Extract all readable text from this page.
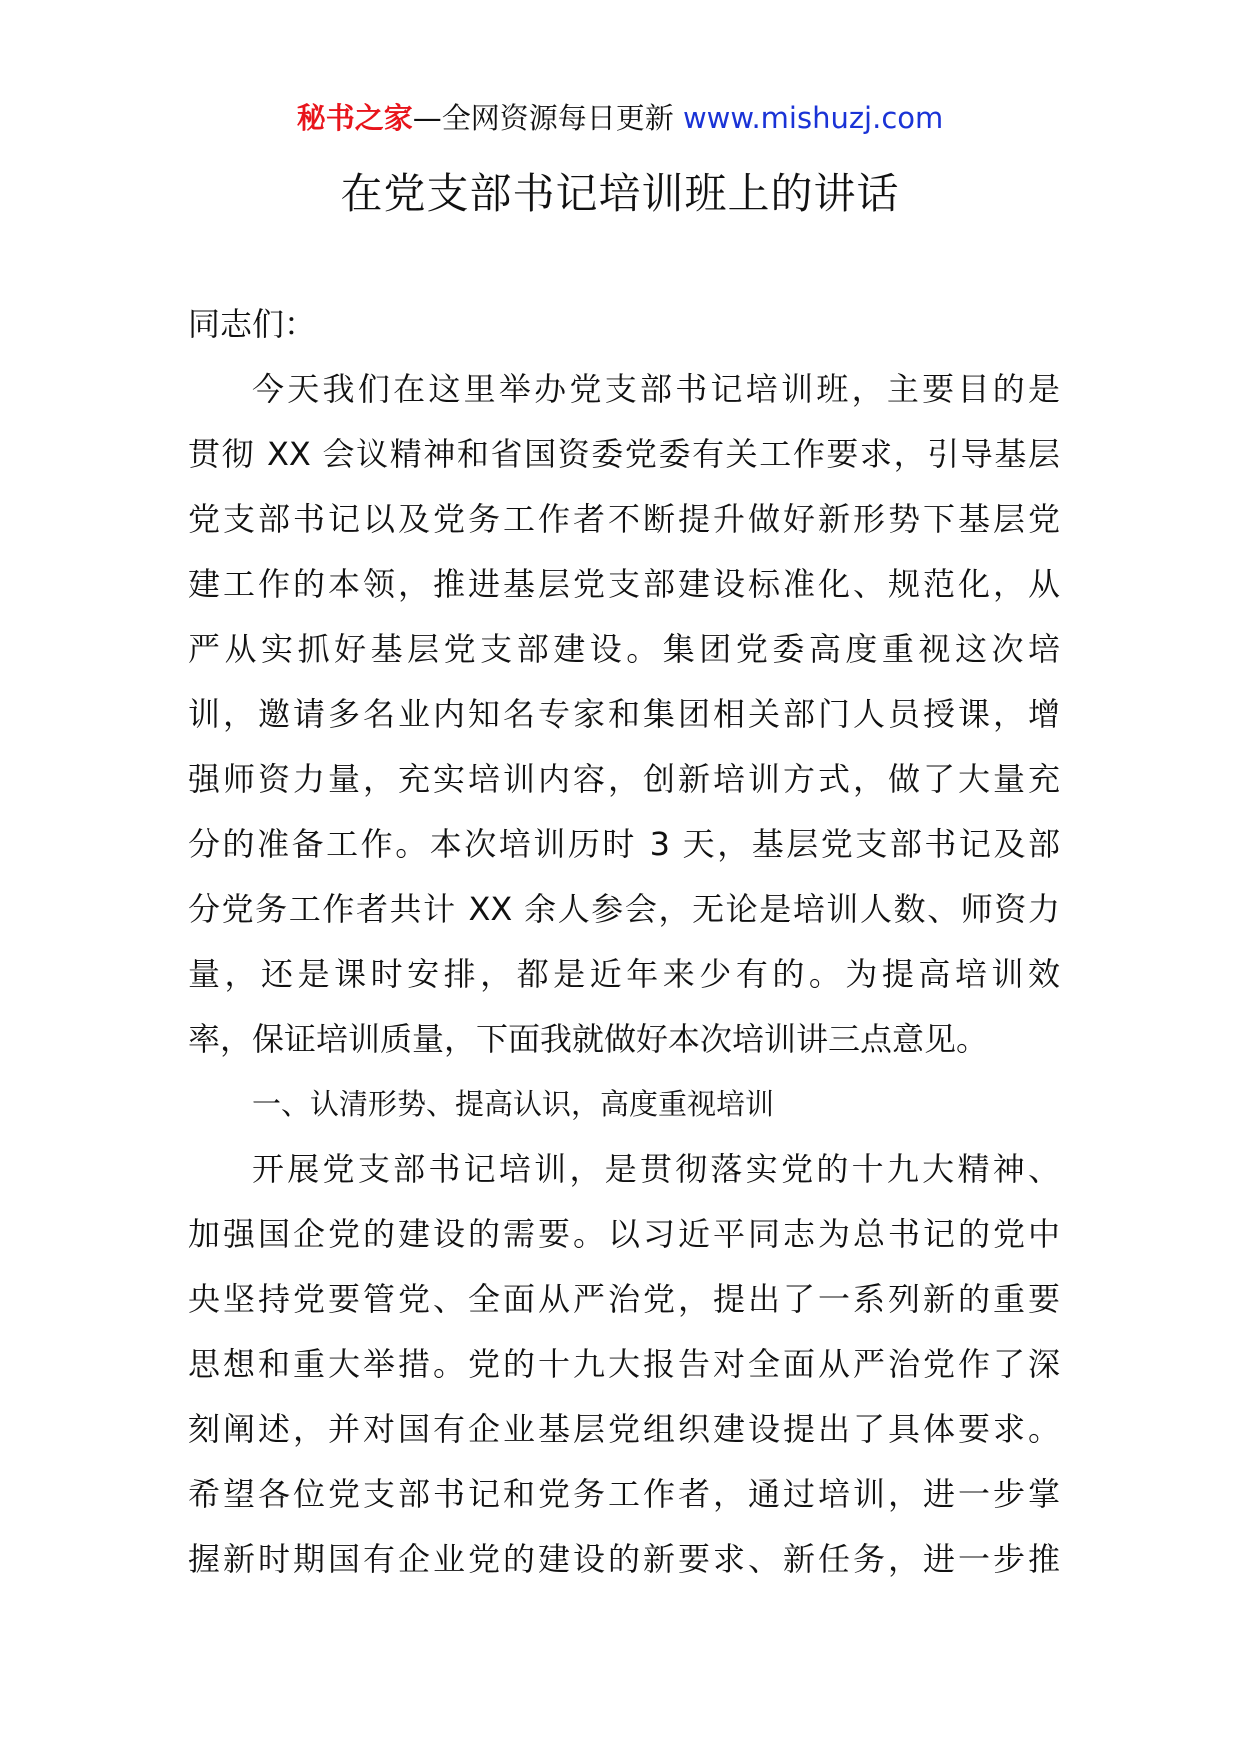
秘书之家—全网资源每日更新 www.mishuzj.com
在党支部书记培训班上的讲话
同志们：
今天我们在这里举办党支部书记培训班，主要目的是
贯彻 XX 会议精神和省国资委党委有关工作要求，引导基层
党支部书记以及党务工作者不断提升做好新形势下基层党
建工作的本领，推进基层党支部建设标准化、规范化，从
严从实抓好基层党支部建设。集团党委高度重视这次培
训，邀请多名业内知名专家和集团相关部门人员授课，增
强师资力量，充实培训内容，创新培训方式，做了大量充
分的准备工作。本次培训历时 3 天，基层党支部书记及部
分党务工作者共计 XX 余人参会，无论是培训人数、师资力
量，还是课时安排，都是近年来少有的。为提高培训效
率，保证培训质量，下面我就做好本次培训讲三点意见。
一、认清形势、提高认识，高度重视培训
开展党支部书记培训，是贯彻落实党的十九大精神、
加强国企党的建设的需要。以习近平同志为总书记的党中
央坚持党要管党、全面从严治党，提出了一系列新的重要
思想和重大举措。党的十九大报告对全面从严治党作了深
刻阐述，并对国有企业基层党组织建设提出了具体要求。
希望各位党支部书记和党务工作者，通过培训，进一步掌
握新时期国有企业党的建设的新要求、新任务，进一步推
